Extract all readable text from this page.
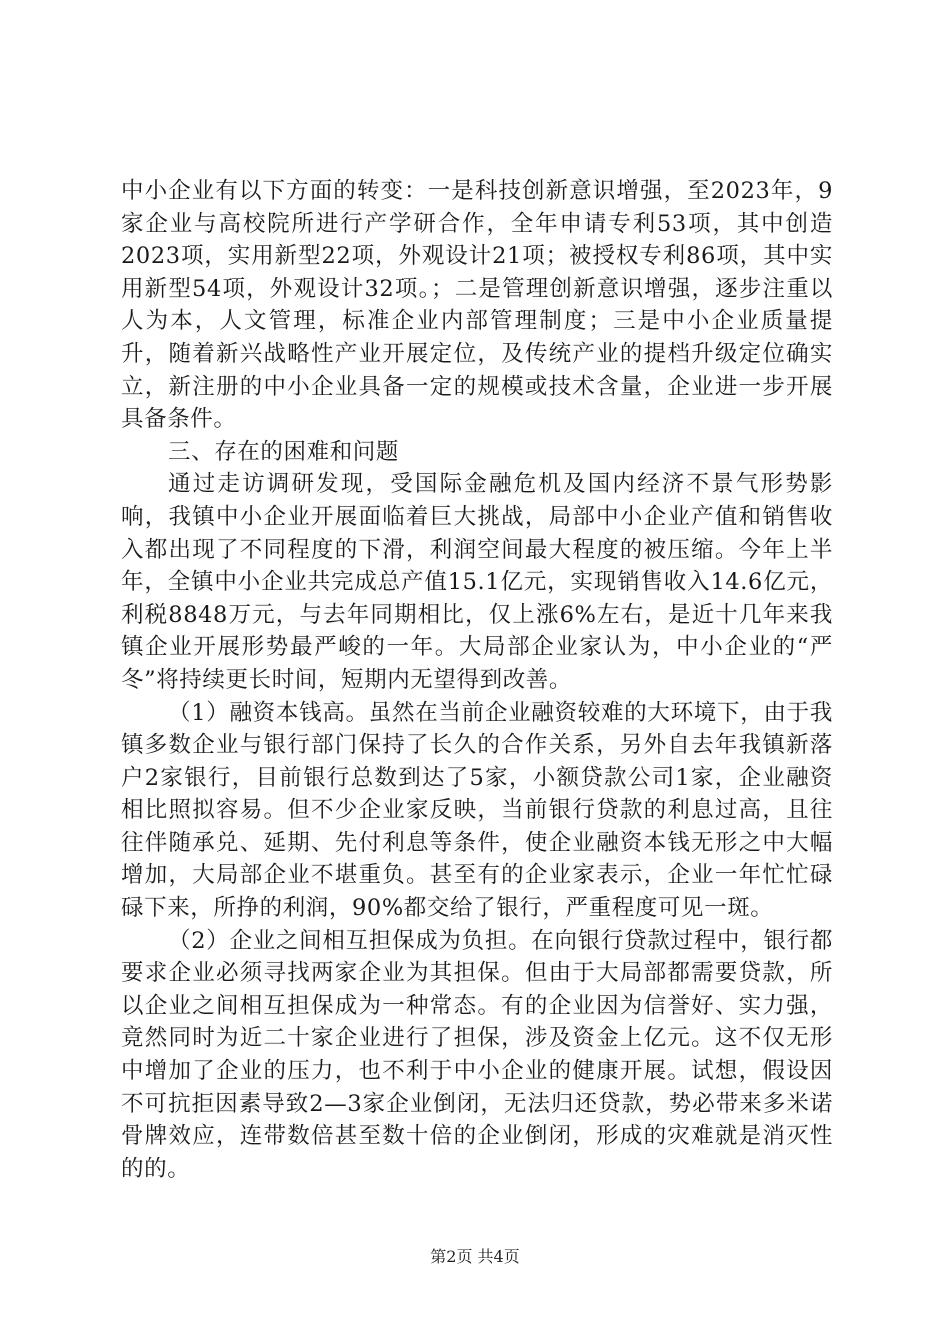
中小企业有以下方面的转变：一是科技创新意识增强，至2023年，9家企业与高校院所进行产学研合作，全年申请专利53项，其中创造2023项，实用新型22项，外观设计21项；被授权专利86项，其中实用新型54项，外观设计32项。；二是管理创新意识增强，逐步注重以人为本，人文管理，标准企业内部管理制度；三是中小企业质量提升，随着新兴战略性产业开展定位，及传统产业的提档升级定位确实立，新注册的中小企业具备一定的规模或技术含量，企业进一步开展具备条件。

三、存在的困难和问题

通过走访调研发现，受国际金融危机及国内经济不景气形势影响，我镇中小企业开展面临着巨大挑战，局部中小企业产值和销售收入都出现了不同程度的下滑，利润空间最大程度的被压缩。今年上半年，全镇中小企业共完成总产值15.1亿元，实现销售收入14.6亿元，利税8848万元，与去年同期相比，仅上涨6%左右，是近十几年来我镇企业开展形势最严峻的一年。大局部企业家认为，中小企业的“严冬”将持续更长时间，短期内无望得到改善。

（1）融资本钱高。虽然在当前企业融资较难的大环境下，由于我镇多数企业与银行部门保持了长久的合作关系，另外自去年我镇新落户2家银行，目前银行总数到达了5家，小额贷款公司1家，企业融资相比照拟容易。但不少企业家反映，当前银行贷款的利息过高，且往往伴随承兑、延期、先付利息等条件，使企业融资本钱无形之中大幅增加，大局部企业不堪重负。甚至有的企业家表示，企业一年忙忙碌碌下来，所挣的利润，90%都交给了银行，严重程度可见一斑。

（2）企业之间相互担保成为负担。在向银行贷款过程中，银行都要求企业必须寻找两家企业为其担保。但由于大局部都需要贷款，所以企业之间相互担保成为一种常态。有的企业因为信誉好、实力强，竟然同时为近二十家企业进行了担保，涉及资金上亿元。这不仅无形中增加了企业的压力，也不利于中小企业的健康开展。试想，假设因不可抗拒因素导致2—3家企业倒闭，无法归还贷款，势必带来多米诺骨牌效应，连带数倍甚至数十倍的企业倒闭，形成的灾难就是消灭性的的。

第2页 共4页
